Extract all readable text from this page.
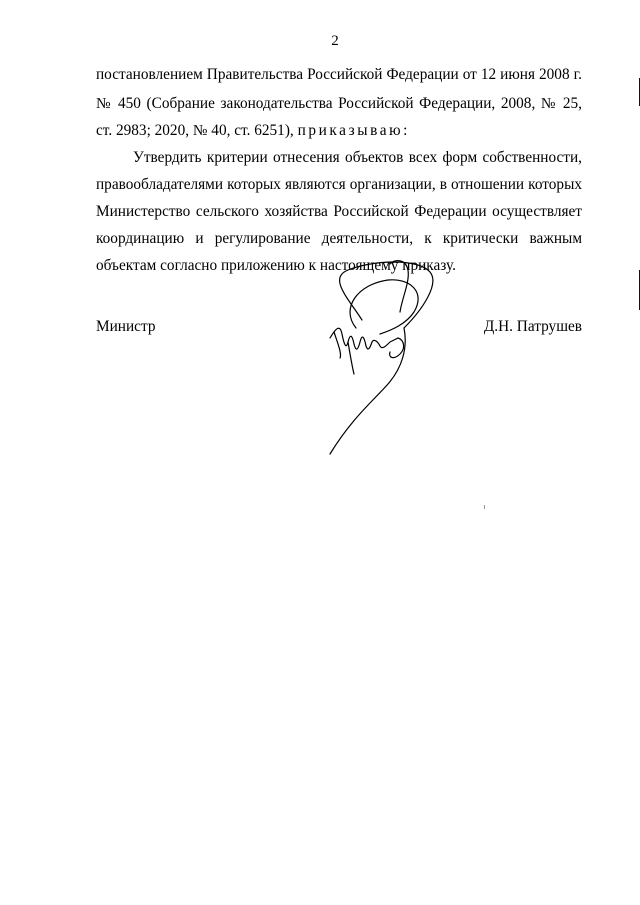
2
постановлением Правительства Российской Федерации от 12 июня 2008 г.
№ 450 (Собрание законодательства Российской Федерации, 2008, № 25,
ст. 2983; 2020, № 40, ст. 6251), приказываю:
Утвердить критерии отнесения объектов всех форм собственности,
правообладателями которых являются организации, в отношении которых
Министерство сельского хозяйства Российской Федерации осуществляет
координацию и регулирование деятельности, к критически важным
объектам согласно приложению к настоящему приказу.
Министр	Д.Н. Патрушев
